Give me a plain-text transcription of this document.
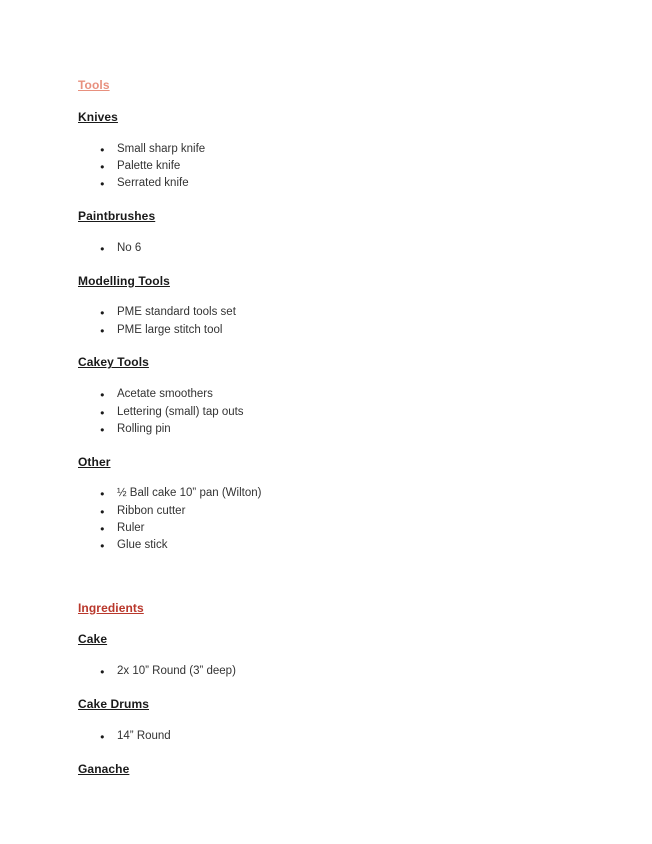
Tools
Knives
●	Small sharp knife
●	Palette knife
●	Serrated knife
Paintbrushes
●	No 6
Modelling Tools
●	PME standard tools set
●	PME large stitch tool
Cakey Tools
●	Acetate smoothers
●	Lettering (small) tap outs
●	Rolling pin
Other
●	½ Ball cake 10” pan (Wilton)
●	Ribbon cutter
●	Ruler
●	Glue stick
Ingredients
Cake
●	2x 10” Round (3” deep)
Cake Drums
●	14” Round
Ganache
